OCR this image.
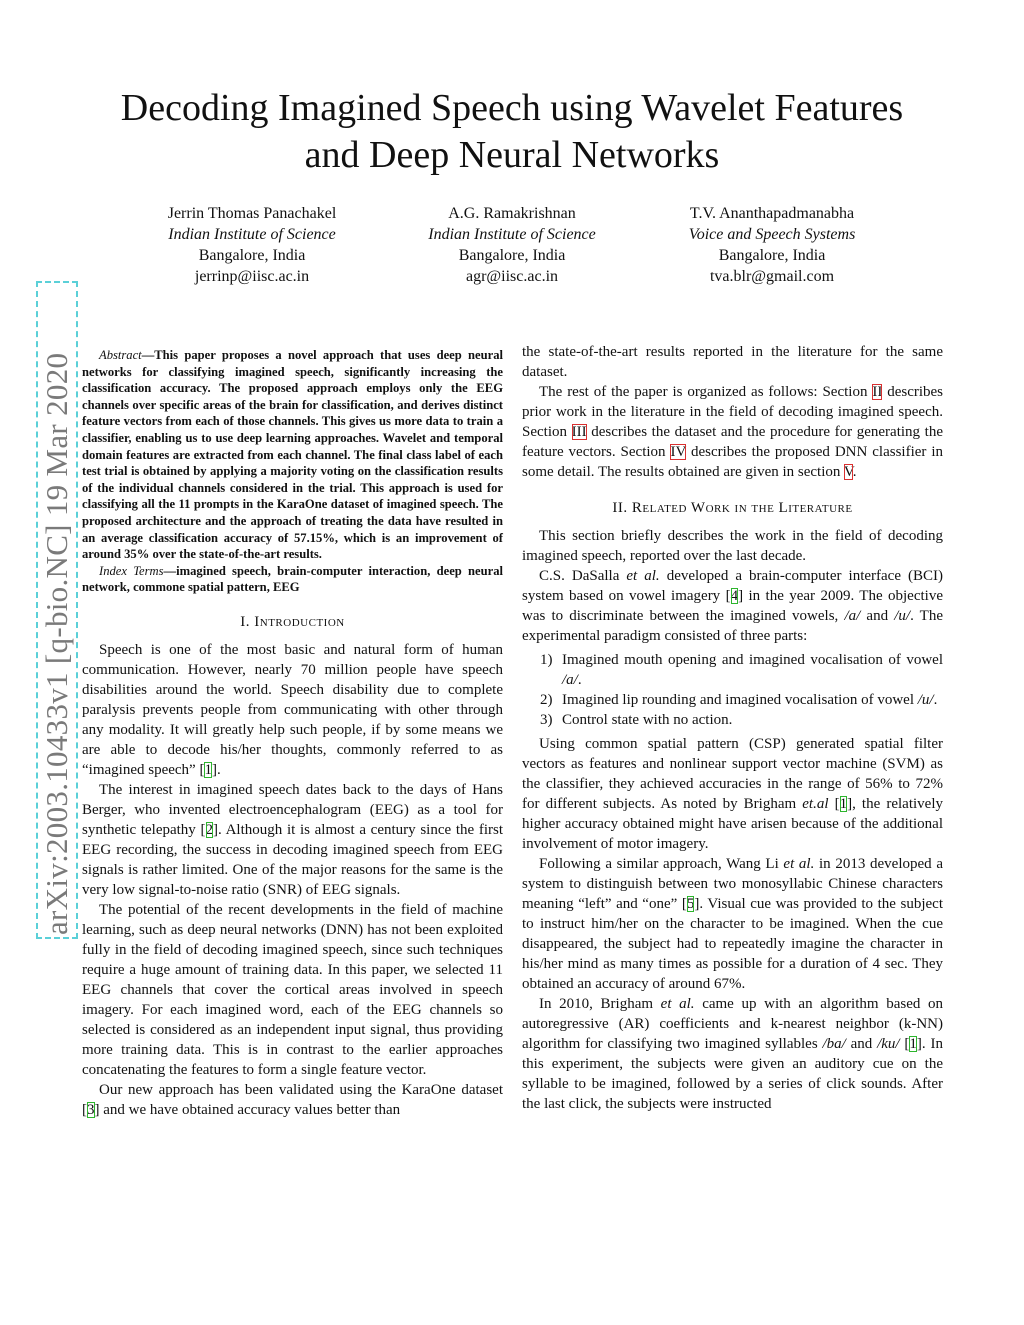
arXiv:2003.10433v1 [q-bio.NC] 19 Mar 2020
Decoding Imagined Speech using Wavelet Features
and Deep Neural Networks
Jerrin Thomas Panachakel
Indian Institute of Science
Bangalore, India
jerrinp@iisc.ac.in
A.G. Ramakrishnan
Indian Institute of Science
Bangalore, India
agr@iisc.ac.in
T.V. Ananthapadmanabha
Voice and Speech Systems
Bangalore, India
tva.blr@gmail.com
Abstract—This paper proposes a novel approach that uses deep neural networks for classifying imagined speech, significantly increasing the classification accuracy. The proposed approach employs only the EEG channels over specific areas of the brain for classification, and derives distinct feature vectors from each of those channels. This gives us more data to train a classifier, enabling us to use deep learning approaches. Wavelet and temporal domain features are extracted from each channel. The final class label of each test trial is obtained by applying a majority voting on the classification results of the individual channels considered in the trial. This approach is used for classifying all the 11 prompts in the KaraOne dataset of imagined speech. The proposed architecture and the approach of treating the data have resulted in an average classification accuracy of 57.15%, which is an improvement of around 35% over the state-of-the-art results.
Index Terms—imagined speech, brain-computer interaction, deep neural network, commone spatial pattern, EEG
I. Introduction

Speech is one of the most basic and natural form of human communication. However, nearly 70 million people have speech disabilities around the world. Speech disability due to complete paralysis prevents people from communicating with other through any modality. It will greatly help such people, if by some means we are able to decode his/her thoughts, commonly referred to as “imagined speech” [1].

The interest in imagined speech dates back to the days of Hans Berger, who invented electroencephalogram (EEG) as a tool for synthetic telepathy [2]. Although it is almost a century since the first EEG recording, the success in decoding imagined speech from EEG signals is rather limited. One of the major reasons for the same is the very low signal-to-noise ratio (SNR) of EEG signals.

The potential of the recent developments in the field of machine learning, such as deep neural networks (DNN) has not been exploited fully in the field of decoding imagined speech, since such techniques require a huge amount of training data. In this paper, we selected 11 EEG channels that cover the cortical areas involved in speech imagery. For each imagined word, each of the EEG channels so selected is considered as an independent input signal, thus providing more training data. This is in contrast to the earlier approaches concatenating the features to form a single feature vector.

Our new approach has been validated using the KaraOne dataset [3] and we have obtained accuracy values better than

the state-of-the-art results reported in the literature for the same dataset.

The rest of the paper is organized as follows: Section II describes prior work in the literature in the field of decoding imagined speech. Section III describes the dataset and the procedure for generating the feature vectors. Section IV describes the proposed DNN classifier in some detail. The results obtained are given in section V.

II. Related Work in the Literature

This section briefly describes the work in the field of decoding imagined speech, reported over the last decade.

C.S. DaSalla et al. developed a brain-computer interface (BCI) system based on vowel imagery [4] in the year 2009. The objective was to discriminate between the imagined vowels, /a/ and /u/. The experimental paradigm consisted of three parts:

1) Imagined mouth opening and imagined vocalisation of vowel /a/.
2) Imagined lip rounding and imagined vocalisation of vowel /u/.
3) Control state with no action.

Using common spatial pattern (CSP) generated spatial filter vectors as features and nonlinear support vector machine (SVM) as the classifier, they achieved accuracies in the range of 56% to 72% for different subjects. As noted by Brigham et.al [1], the relatively higher accuracy obtained might have arisen because of the additional involvement of motor imagery.

Following a similar approach, Wang Li et al. in 2013 developed a system to distinguish between two monosyllabic Chinese characters meaning “left” and “one” [5]. Visual cue was provided to the subject to instruct him/her on the character to be imagined. When the cue disappeared, the subject had to repeatedly imagine the character in his/her mind as many times as possible for a duration of 4 sec. They obtained an accuracy of around 67%.

In 2010, Brigham et al. came up with an algorithm based on autoregressive (AR) coefficients and k-nearest neighbor (k-NN) algorithm for classifying two imagined syllables /ba/ and /ku/ [1]. In this experiment, the subjects were given an auditory cue on the syllable to be imagined, followed by a series of click sounds. After the last click, the subjects were instructed
